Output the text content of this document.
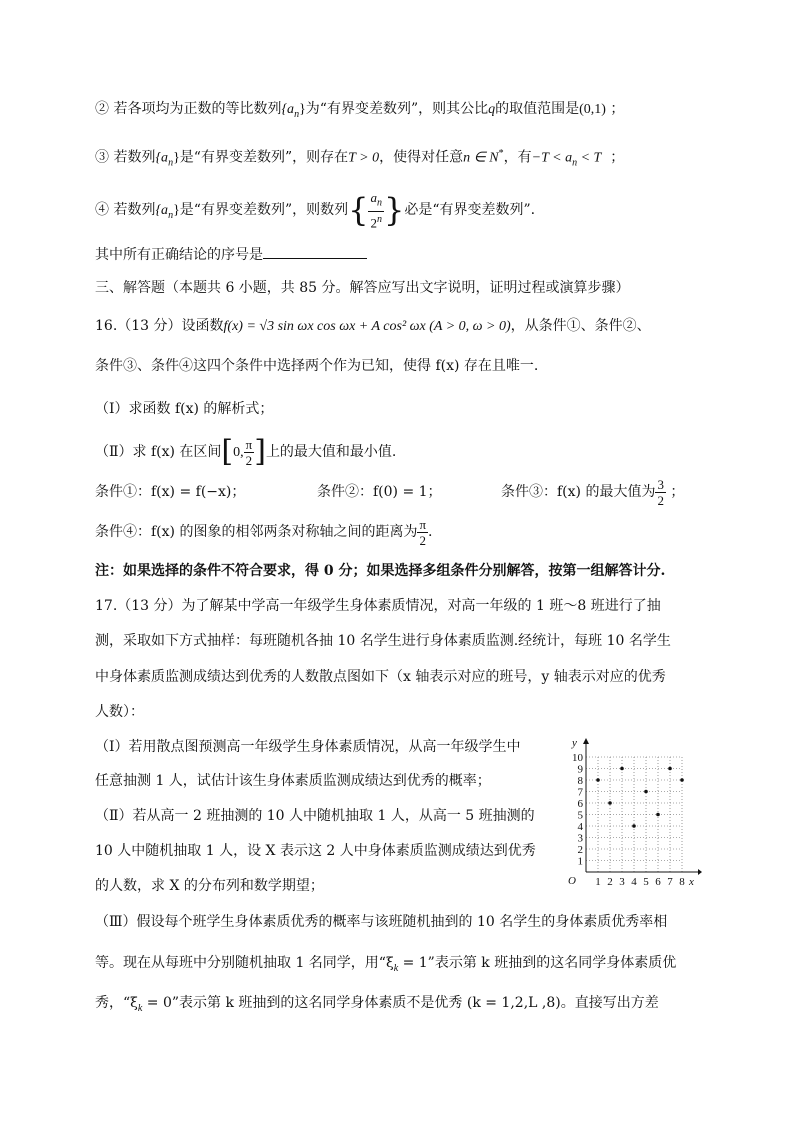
② 若各项均为正数的等比数列$\{a_n\}$为“有界变差数列”，则其公比q的取值范围是(0,1) ；
③ 若数列$\{a_n\}$是“有界变差数列”，则存在T > 0，使得对任意n ∈ N*，有$-T < a_n < T$ ；
④ 若数列$\{a_n\}$是“有界变差数列”，则数列{ $\frac{a_n}{2^n}$ }必是“有界变差数列”.
其中所有正确结论的序号是
三、解答题（本题共 6 小题，共 85 分。解答应写出文字说明，证明过程或演算步骤）
16.（13 分）设函数f(x) = √3 sin ωx cos ωx + A cos² ωx (A > 0, ω > 0)，从条件①、条件②、
条件③、条件④这四个条件中选择两个作为已知，使得 f(x) 存在且唯一.
（Ⅰ）求函数 f(x) 的解析式；
（Ⅱ）求 f(x) 在区间[0, $\frac{\pi}{2}$ ]上的最大值和最小值.
条件①：f(x) = f(−x)；	条件②：f(0) = 1；	条件③：f(x) 的最大值为 $\frac{3}{2}$ ；
条件④：f(x) 的图象的相邻两条对称轴之间的距离为 $\frac{\pi}{2}$ .
注：如果选择的条件不符合要求，得 0 分；如果选择多组条件分别解答，按第一组解答计分.
17.（13 分）为了解某中学高一年级学生身体素质情况，对高一年级的 1 班～8 班进行了抽
测，采取如下方式抽样：每班随机各抽 10 名学生进行身体素质监测.经统计，每班 10 名学生
中身体素质监测成绩达到优秀的人数散点图如下（x 轴表示对应的班号，y 轴表示对应的优秀
人数）：
（Ⅰ）若用散点图预测高一年级学生身体素质情况，从高一年级学生中
任意抽测 1 人，试估计该生身体素质监测成绩达到优秀的概率；
（Ⅱ）若从高一 2 班抽测的 10 人中随机抽取 1 人，从高一 5 班抽测的
10 人中随机抽取 1 人，设 X 表示这 2 人中身体素质监测成绩达到优秀
的人数，求 X 的分布列和数学期望；
（Ⅲ）假设每个班学生身体素质优秀的概率与该班随机抽到的 10 名学生的身体素质优秀率相
等。现在从每班中分别随机抽取 1 名同学，用“$\xi_k = 1$”表示第 k 班抽到的这名同学身体素质优
秀，“$\xi_k = 0$”表示第 k 班抽到的这名同学身体素质不是优秀 (k = 1,2,L ,8)。直接写出方差
1 2 3 4 5 6 7 8
1
2
3
4
5
6
7
8
9
10
O	x
y
